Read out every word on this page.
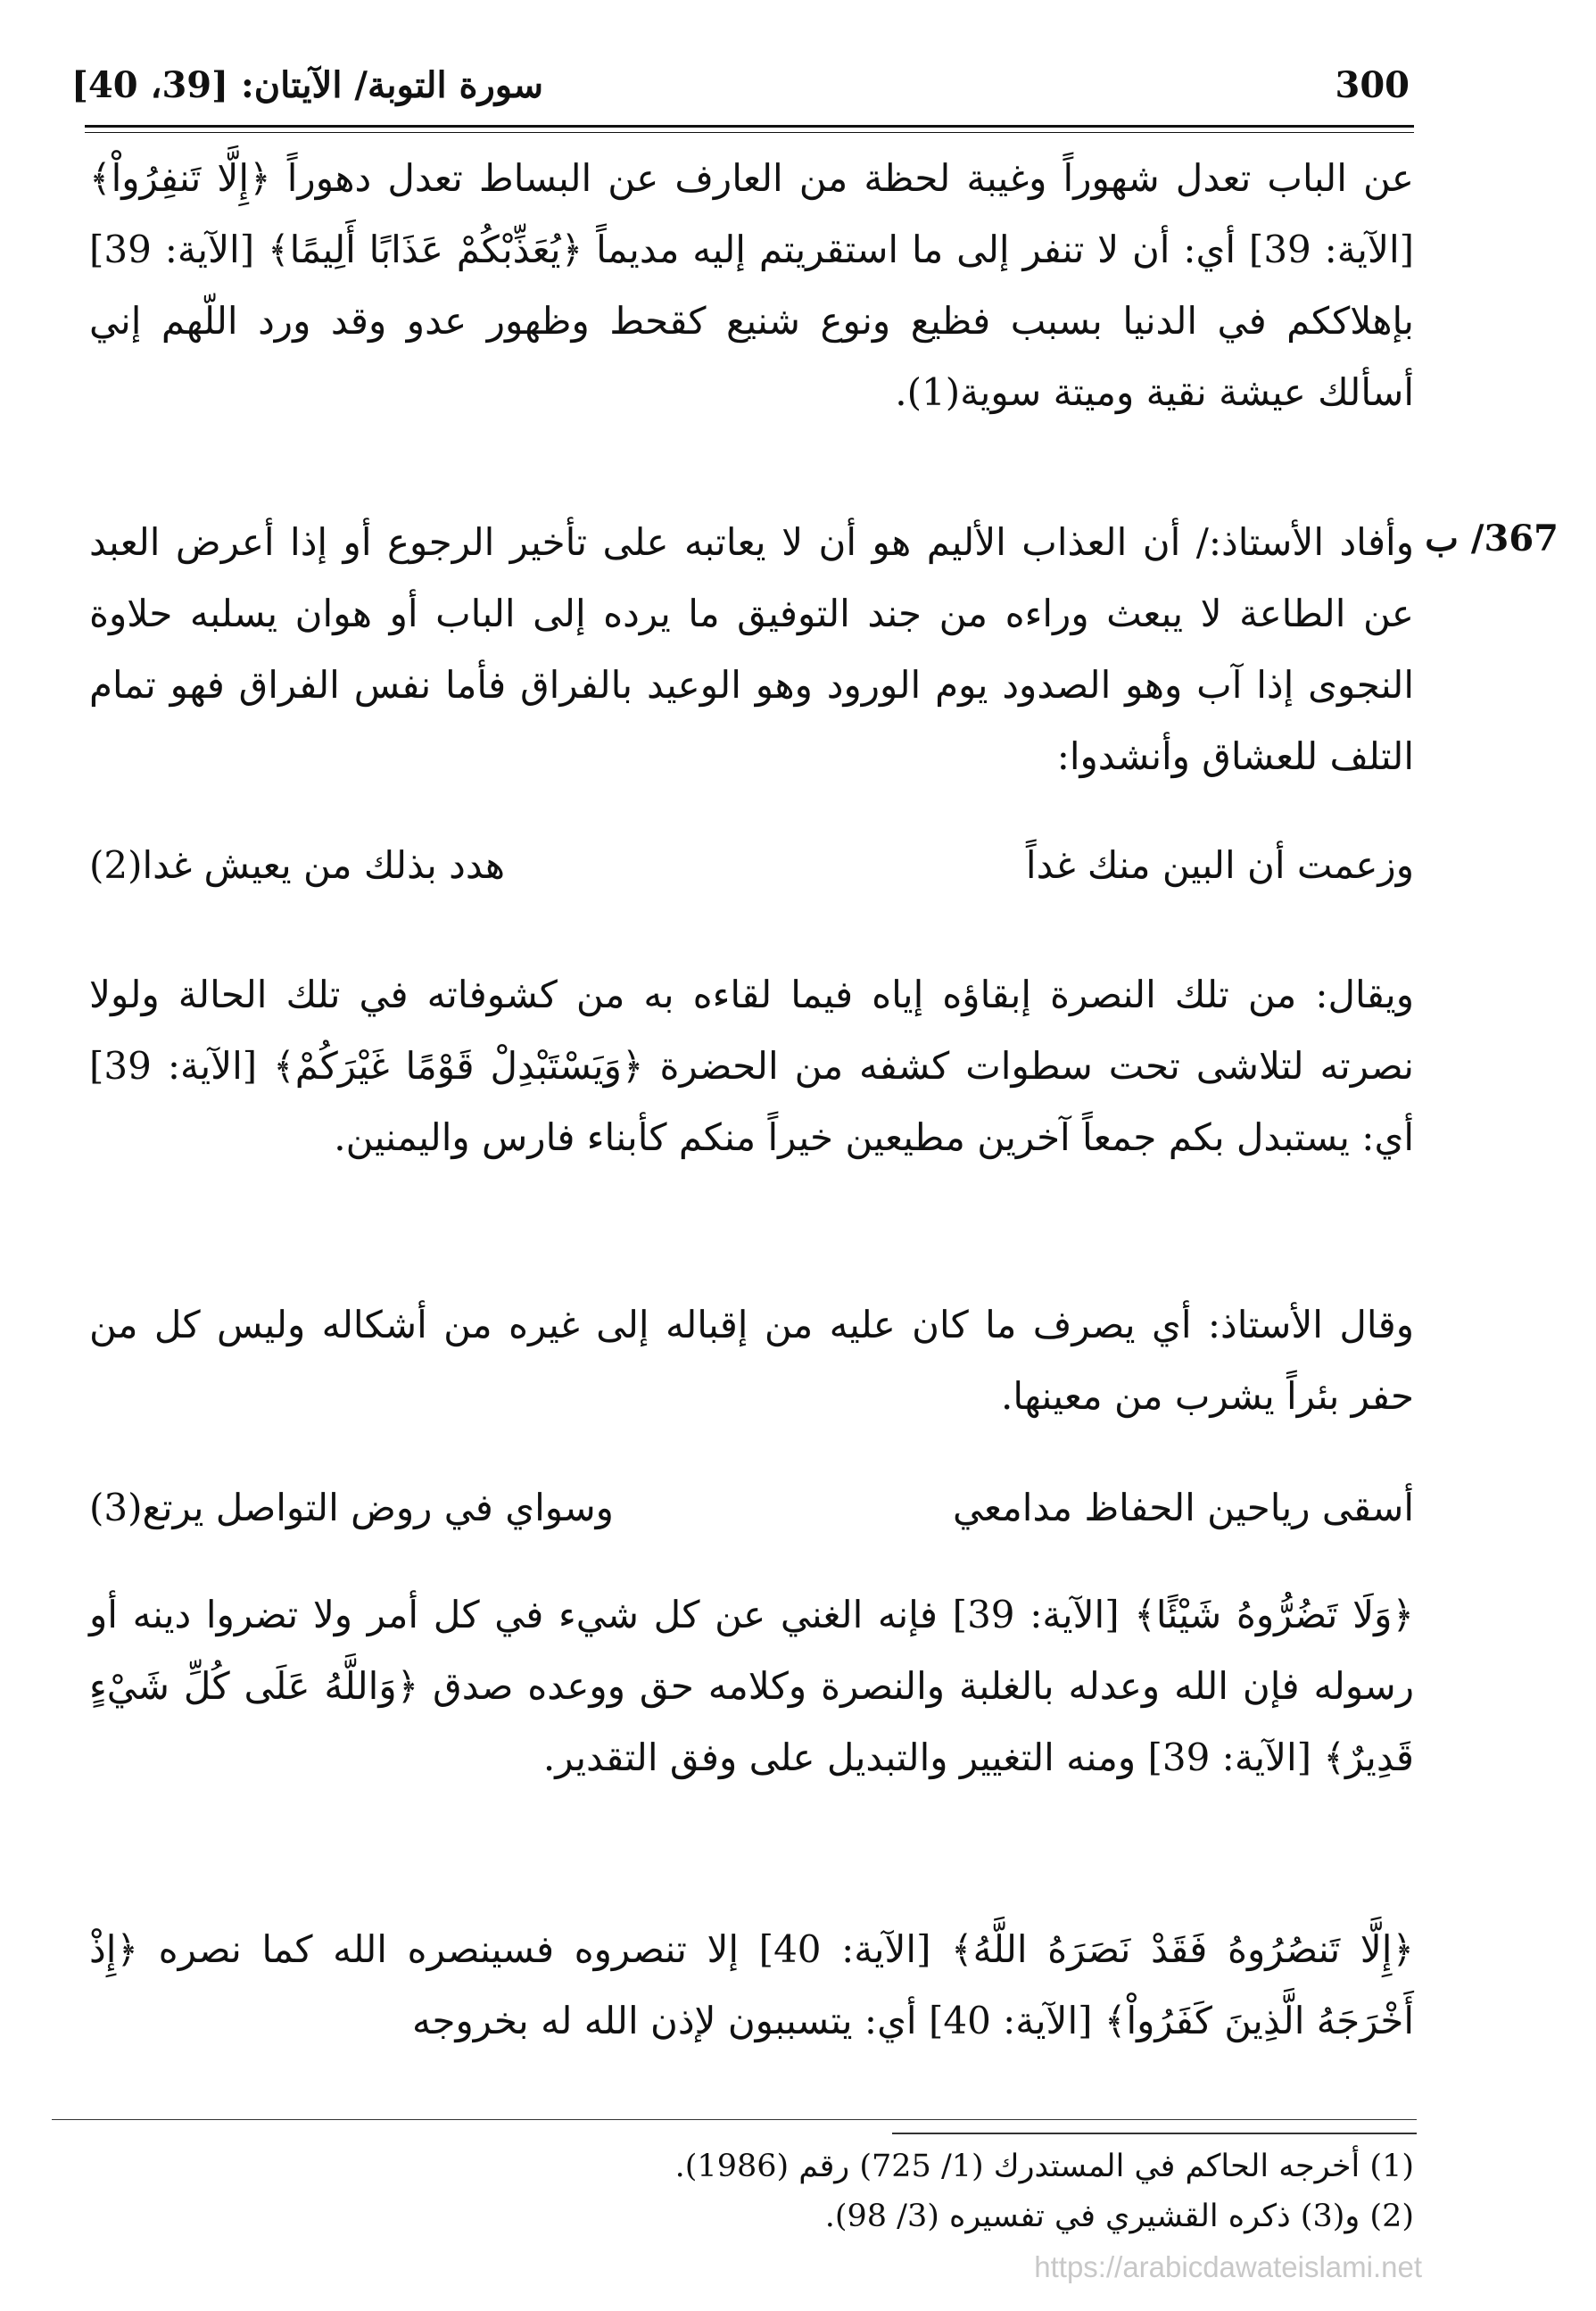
300
سورة التوبة/ الآيتان: [39، 40]
عن الباب تعدل شهوراً وغيبة لحظة من العارف عن البساط تعدل دهوراً ﴿إِلَّا تَنفِرُواْ﴾ [الآية: 39] أي: أن لا تنفر إلى ما استقريتم إليه مديماً ﴿يُعَذِّبْكُمْ عَذَابًا أَلِيمًا﴾ [الآية: 39] بإهلاككم في الدنيا بسبب فظيع ونوع شنيع كقحط وظهور عدو وقد ورد اللّهم إني أسألك عيشة نقية وميتة سوية(1).
367/ ب
وأفاد الأستاذ:/ أن العذاب الأليم هو أن لا يعاتبه على تأخير الرجوع أو إذا أعرض العبد عن الطاعة لا يبعث وراءه من جند التوفيق ما يرده إلى الباب أو هوان يسلبه حلاوة النجوى إذا آب وهو الصدود يوم الورود وهو الوعيد بالفراق فأما نفس الفراق فهو تمام التلف للعشاق وأنشدوا:
وزعمت أن البين منك غداً
هدد بذلك من يعيش غدا(2)
ويقال: من تلك النصرة إبقاؤه إياه فيما لقاءه به من كشوفاته في تلك الحالة ولولا نصرته لتلاشى تحت سطوات كشفه من الحضرة ﴿وَيَسْتَبْدِلْ قَوْمًا غَيْرَكُمْ﴾ [الآية: 39] أي: يستبدل بكم جمعاً آخرين مطيعين خيراً منكم كأبناء فارس واليمنين.
وقال الأستاذ: أي يصرف ما كان عليه من إقباله إلى غيره من أشكاله وليس كل من حفر بئراً يشرب من معينها.
أسقى رياحين الحفاظ مدامعي
وسواي في روض التواصل يرتع(3)
﴿وَلَا تَضُرُّوهُ شَيْئًا﴾ [الآية: 39] فإنه الغني عن كل شيء في كل أمر ولا تضروا دينه أو رسوله فإن الله وعدله بالغلبة والنصرة وكلامه حق ووعده صدق ﴿وَاللَّهُ عَلَى كُلِّ شَيْءٍ قَدِيرٌ﴾ [الآية: 39] ومنه التغيير والتبديل على وفق التقدير.
﴿إِلَّا تَنصُرُوهُ فَقَدْ نَصَرَهُ اللَّهُ﴾ [الآية: 40] إلا تنصروه فسينصره الله كما نصره ﴿إِذْ أَخْرَجَهُ الَّذِينَ كَفَرُواْ﴾ [الآية: 40] أي: يتسببون لإذن الله له بخروجه
(1) أخرجه الحاكم في المستدرك (1/ 725) رقم (1986).
(2) و(3) ذكره القشيري في تفسيره (3/ 98).
https://arabicdawateislami.net
